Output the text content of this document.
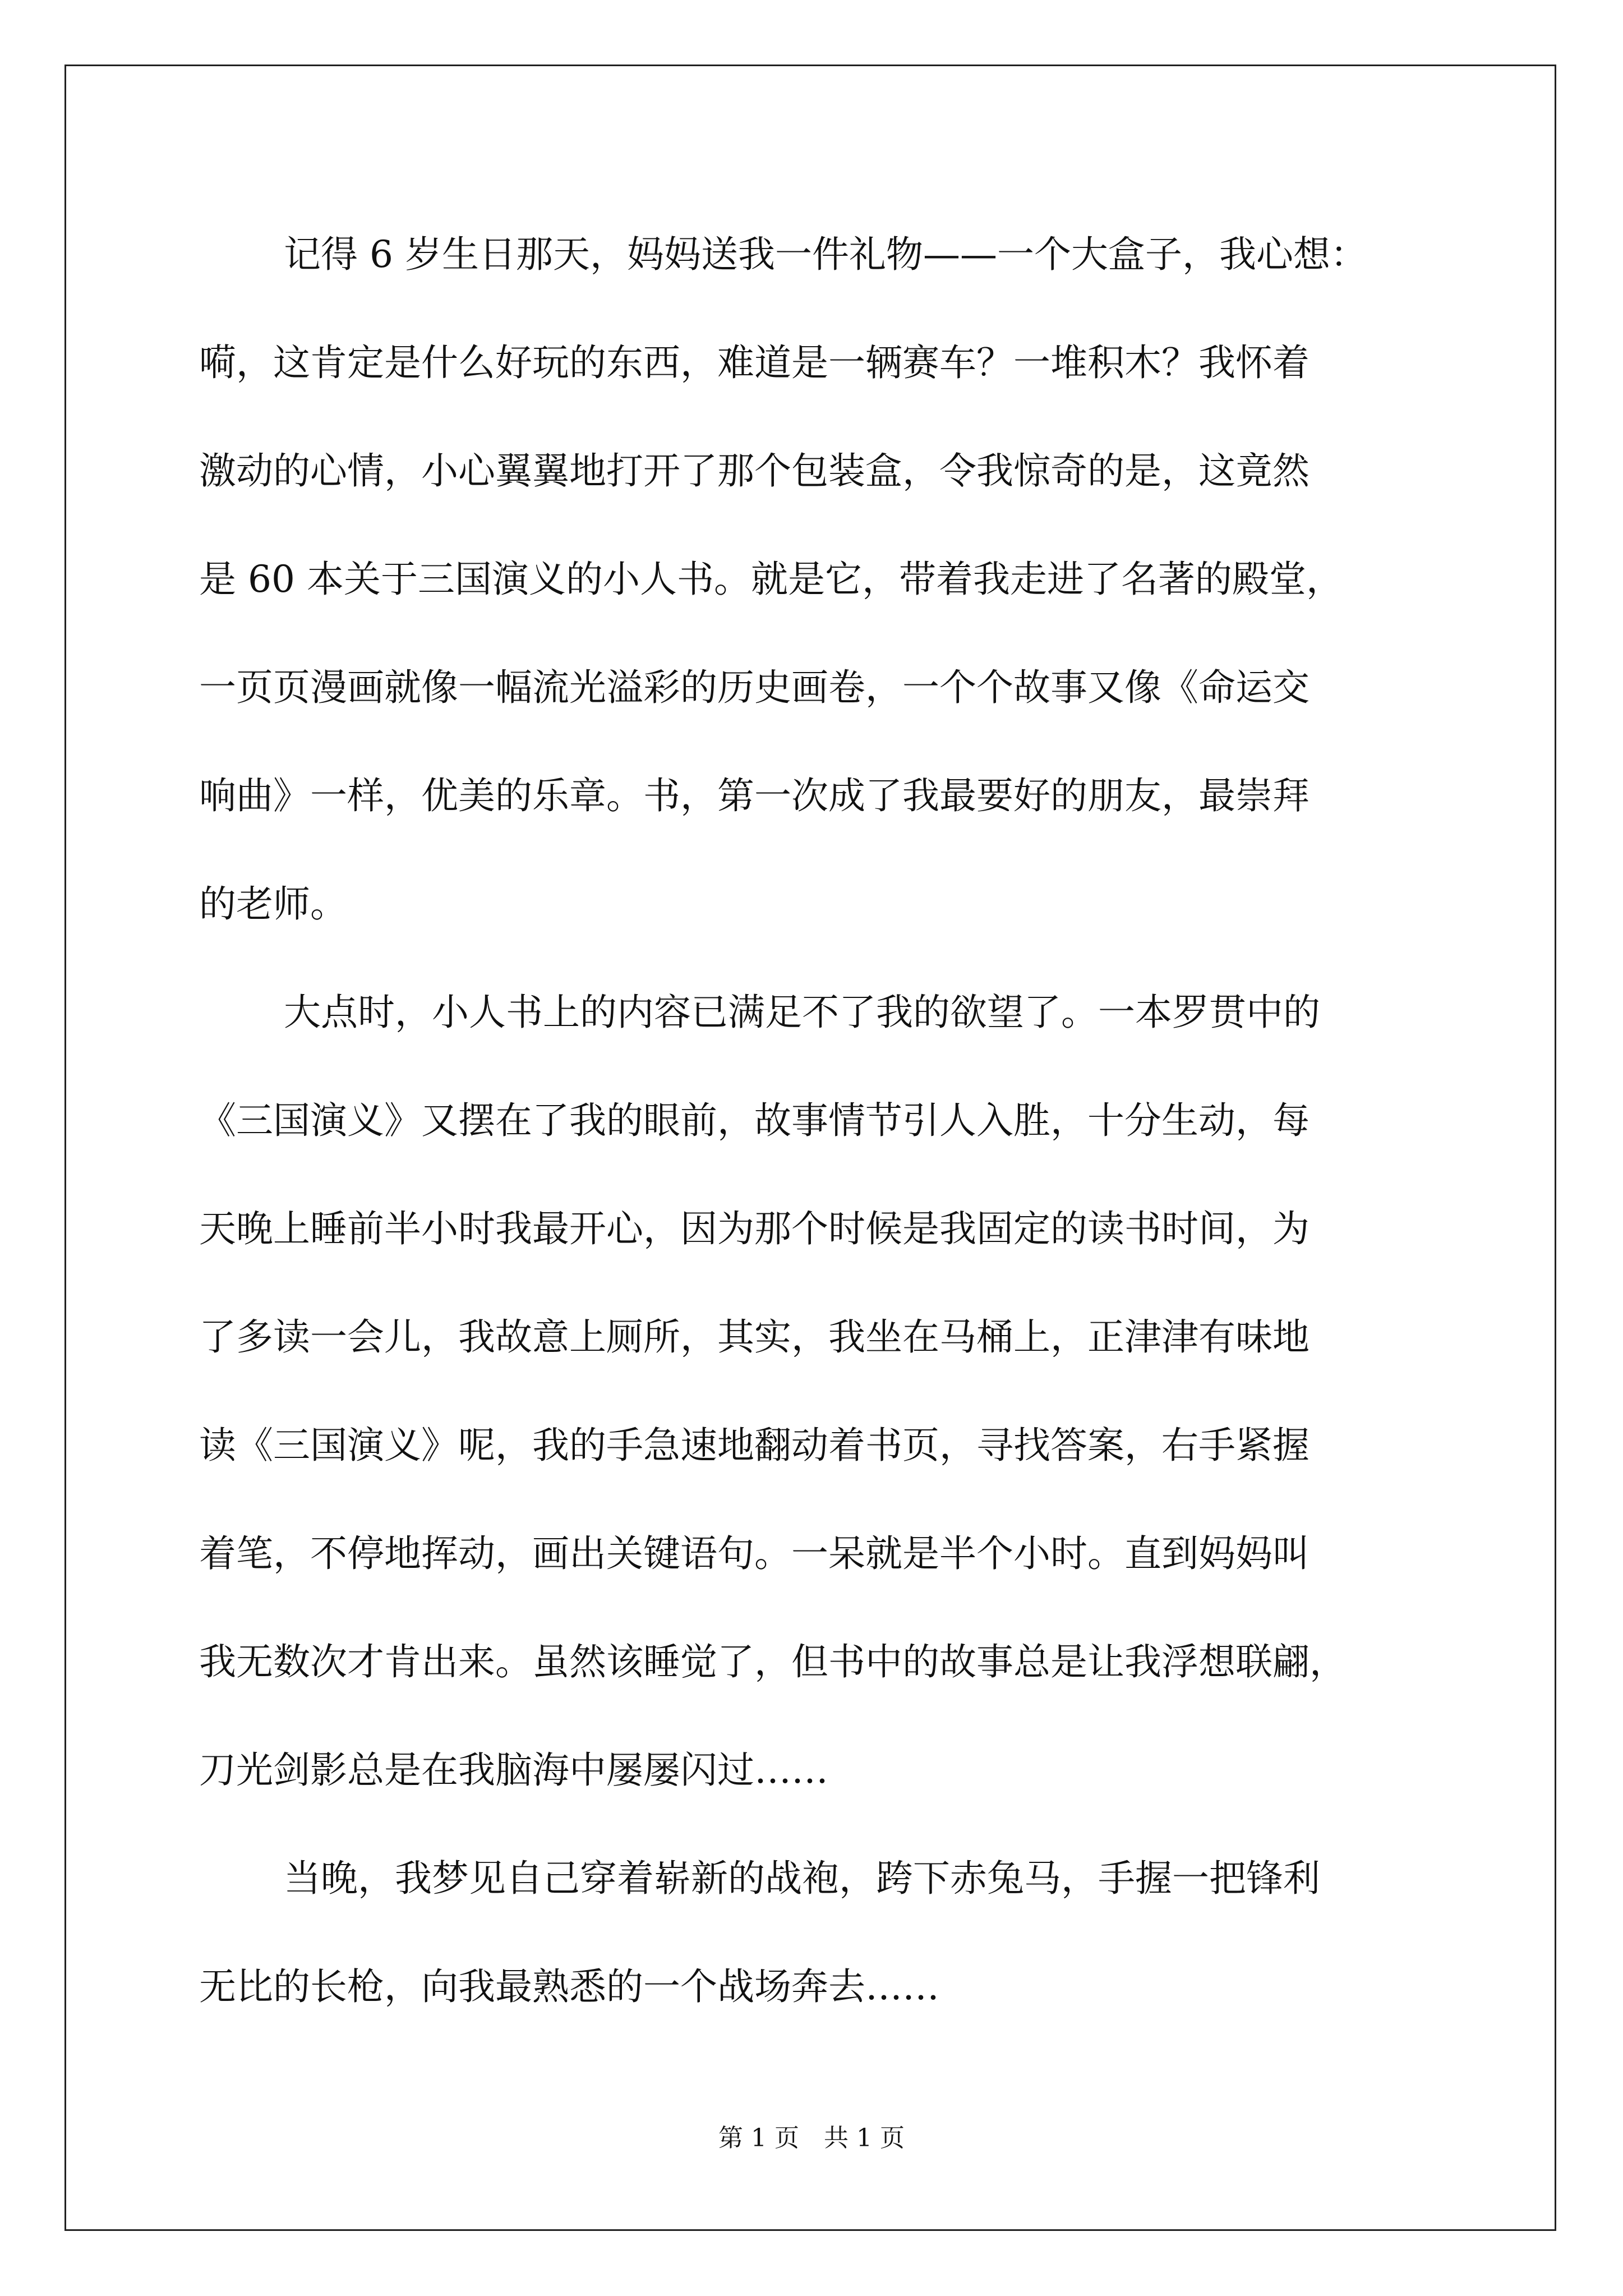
记得 6 岁生日那天，妈妈送我一件礼物——一个大盒子，我心想：

嗬，这肯定是什么好玩的东西，难道是一辆赛车？一堆积木？我怀着

激动的心情，小心翼翼地打开了那个包装盒，令我惊奇的是，这竟然

是 60 本关于三国演义的小人书。就是它，带着我走进了名著的殿堂，

一页页漫画就像一幅流光溢彩的历史画卷，一个个故事又像《命运交

响曲》一样，优美的乐章。书，第一次成了我最要好的朋友，最崇拜

的老师。

大点时，小人书上的内容已满足不了我的欲望了。一本罗贯中的

《三国演义》又摆在了我的眼前，故事情节引人入胜，十分生动，每

天晚上睡前半小时我最开心，因为那个时候是我固定的读书时间，为

了多读一会儿，我故意上厕所，其实，我坐在马桶上，正津津有味地

读《三国演义》呢，我的手急速地翻动着书页，寻找答案，右手紧握

着笔，不停地挥动，画出关键语句。一呆就是半个小时。直到妈妈叫

我无数次才肯出来。虽然该睡觉了，但书中的故事总是让我浮想联翩，

刀光剑影总是在我脑海中屡屡闪过……

当晚，我梦见自己穿着崭新的战袍，跨下赤兔马，手握一把锋利

无比的长枪，向我最熟悉的一个战场奔去……

第 1 页　共 1 页
